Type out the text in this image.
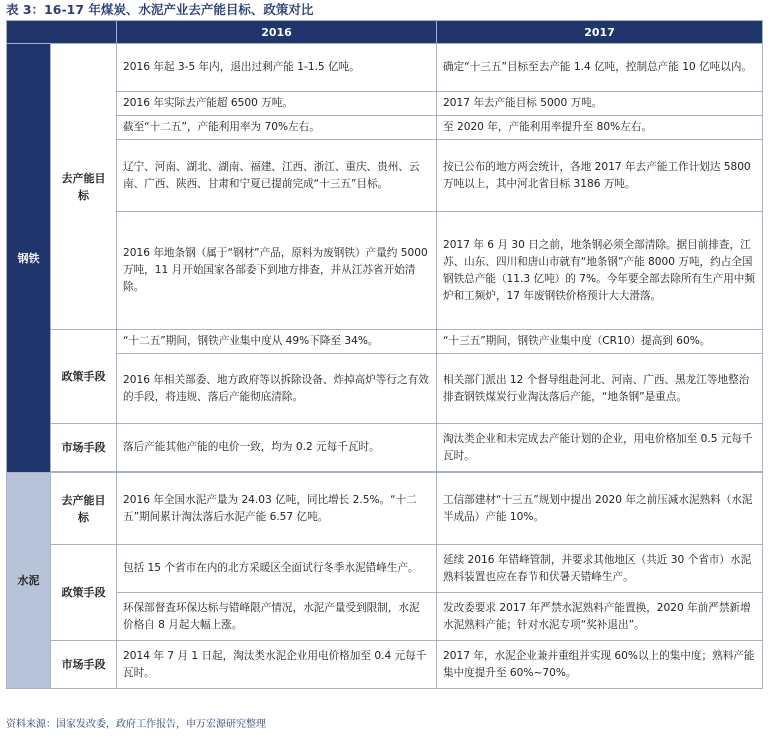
表 3：16-17 年煤炭、水泥产业去产能目标、政策对比
		2016	2017
钢铁	去产能目标	2016 年起 3-5 年内，退出过剩产能 1-1.5 亿吨。	确定“十三五”目标至去产能 1.4 亿吨，控制总产能 10 亿吨以内。
		2016 年实际去产能超 6500 万吨。	2017 年去产能目标 5000 万吨。
		截至“十二五”，产能利用率为 70%左右。	至 2020 年，产能利用率提升至 80%左右。
		辽宁、河南、湖北、湖南、福建、江西、浙江、重庆、贵州、云南、广西、陕西、甘肃和宁夏已提前完成“十三五”目标。	按已公布的地方两会统计，各地 2017 年去产能工作计划达 5800 万吨以上，其中河北省目标 3186 万吨。
		2016 年地条钢（属于“钢材”产品，原料为废钢铁）产量约 5000 万吨，11 月开始国家各部委下到地方排查，并从江苏省开始清除。	2017 年 6 月 30 日之前，地条钢必须全部清除。据目前排查，江苏、山东、四川和唐山市就有“地条钢”产能 8000 万吨，约占全国钢铁总产能（11.3 亿吨）的 7%。今年要全部去除所有生产用中频炉和工频炉，17 年废钢铁价格预计大大滑落。
	政策手段	“十二五”期间，钢铁产业集中度从 49%下降至 34%。	“十三五”期间，钢铁产业集中度（CR10）提高到 60%。
		2016 年相关部委、地方政府等以拆除设备、炸掉高炉等行之有效的手段，将违规、落后产能彻底清除。	相关部门派出 12 个督导组赴河北、河南、广西、黑龙江等地整治排查钢铁煤炭行业淘汰落后产能，“地条钢”是重点。
	市场手段	落后产能其他产能的电价一致，均为 0.2 元每千瓦时。	淘汰类企业和未完成去产能计划的企业，用电价格加至 0.5 元每千瓦时。

水泥	去产能目标	2016 年全国水泥产量为 24.03 亿吨，同比增长 2.5%。“十二五”期间累计淘汰落后水泥产能 6.57 亿吨。	工信部建材“十三五”规划中提出 2020 年之前压减水泥熟料（水泥半成品）产能 10%。
	政策手段	包括 15 个省市在内的北方采暖区全面试行冬季水泥错峰生产。	延续 2016 年错峰管制，并要求其他地区（共近 30 个省市）水泥熟料装置也应在春节和伏暑天错峰生产。
		环保部督查环保达标与错峰限产情况，水泥产量受到限制，水泥价格自 8 月起大幅上涨。	发改委要求 2017 年严禁水泥熟料产能置换，2020 年前严禁新增水泥熟料产能；针对水泥专项“奖补退出”。
	市场手段	2014 年 7 月 1 日起，淘汰类水泥企业用电价格加至 0.4 元每千瓦时。	2017 年，水泥企业兼并重组并实现 60%以上的集中度；熟料产能集中度提升至 60%~70%。
资料来源：国家发改委，政府工作报告，申万宏源研究整理
